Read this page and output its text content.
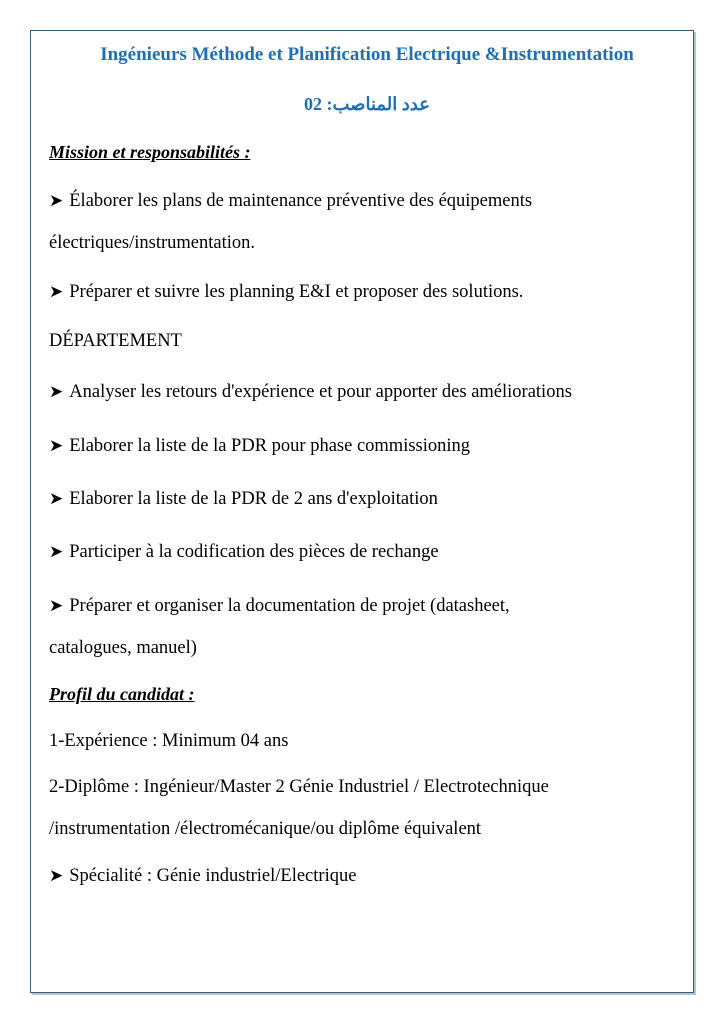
Ingénieurs Méthode et Planification Electrique &Instrumentation

عدد المناصب: 02

Mission et responsabilités :

➤ Élaborer les plans de maintenance préventive des équipements

électriques/instrumentation.

➤ Préparer et suivre les planning E&I et proposer des solutions.

DÉPARTEMENT

➤ Analyser les retours d'expérience et pour apporter des améliorations

➤ Elaborer la liste de la PDR pour phase commissioning

➤ Elaborer la liste de la PDR de 2 ans d'exploitation

➤ Participer à la codification des pièces de rechange

➤ Préparer et organiser la documentation de projet (datasheet,

catalogues, manuel)

Profil du candidat :

1-Expérience : Minimum 04 ans

2-Diplôme : Ingénieur/Master 2 Génie Industriel / Electrotechnique

/instrumentation /électromécanique/ou diplôme équivalent

➤ Spécialité : Génie industriel/Electrique
